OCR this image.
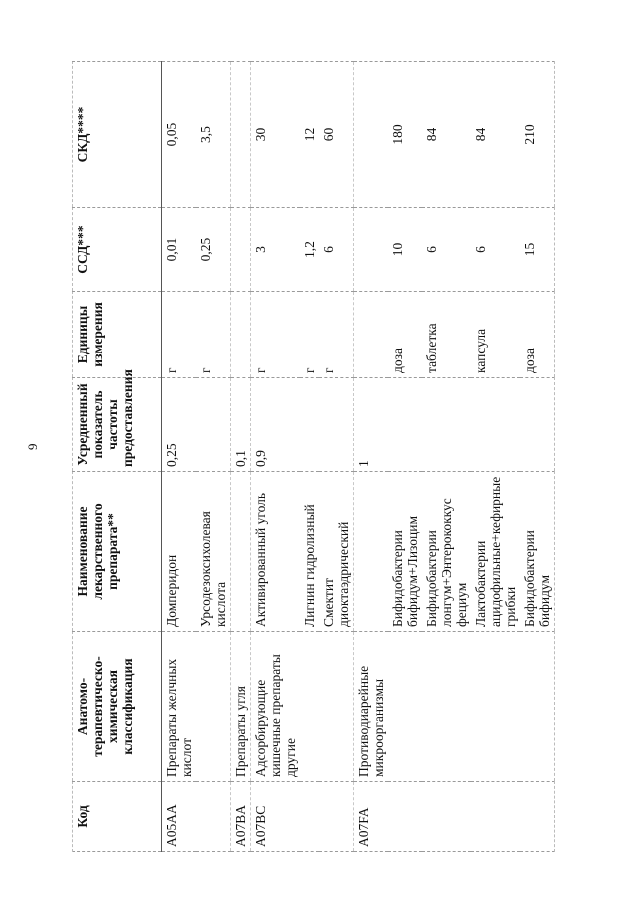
9
Код	Анатомо-терапевтическо-химическая классификация	Наименование лекарственного препарата**	Усредненный показатель частоты предоставления	Единицы измерения	ССД***	СКД****
A05AA	Препараты желчных кислот	Домперидон	0,25	г	0,01	0,05
		Урсодезоксихолевая кислота		г	0,25	3,5
A07BA	Препараты угля		0,1			
A07BC	Адсорбирующие кишечные препараты другие	Активированный уголь	0,9	г	3	30
		Лигнин гидролизный		г	1,2	12
		Смектит диоктаэдрический		г	6	60
A07FA	Противодиарейные микроорганизмы		1			
		Бифидобактерии бифидум+Лизоцим		доза	10	180
		Бифидобактерии лонгум+Энтерококкус фециум		таблетка	6	84
		Лактобактерии ацидофильные+кефирные грибки		капсула	6	84
		Бифидобактерии бифидум		доза	15	210
